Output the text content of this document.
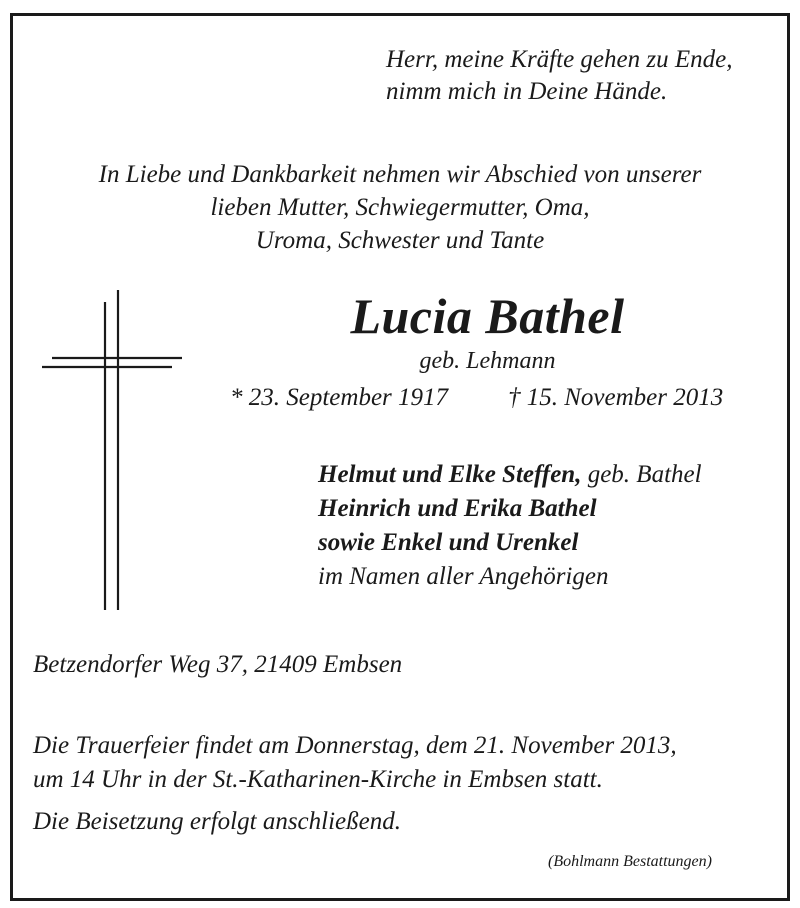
Herr, meine Kräfte gehen zu Ende,
nimm mich in Deine Hände.
In Liebe und Dankbarkeit nehmen wir Abschied von unserer
lieben Mutter, Schwiegermutter, Oma,
Uroma, Schwester und Tante
Lucia Bathel
geb. Lehmann
* 23. September 1917 † 15. November 2013
Helmut und Elke Steffen, geb. Bathel
Heinrich und Erika Bathel
sowie Enkel und Urenkel
im Namen aller Angehörigen
Betzendorfer Weg 37, 21409 Embsen
Die Trauerfeier findet am Donnerstag, dem 21. November 2013,
um 14 Uhr in der St.-Katharinen-Kirche in Embsen statt.
Die Beisetzung erfolgt anschließend.
(Bohlmann Bestattungen)
